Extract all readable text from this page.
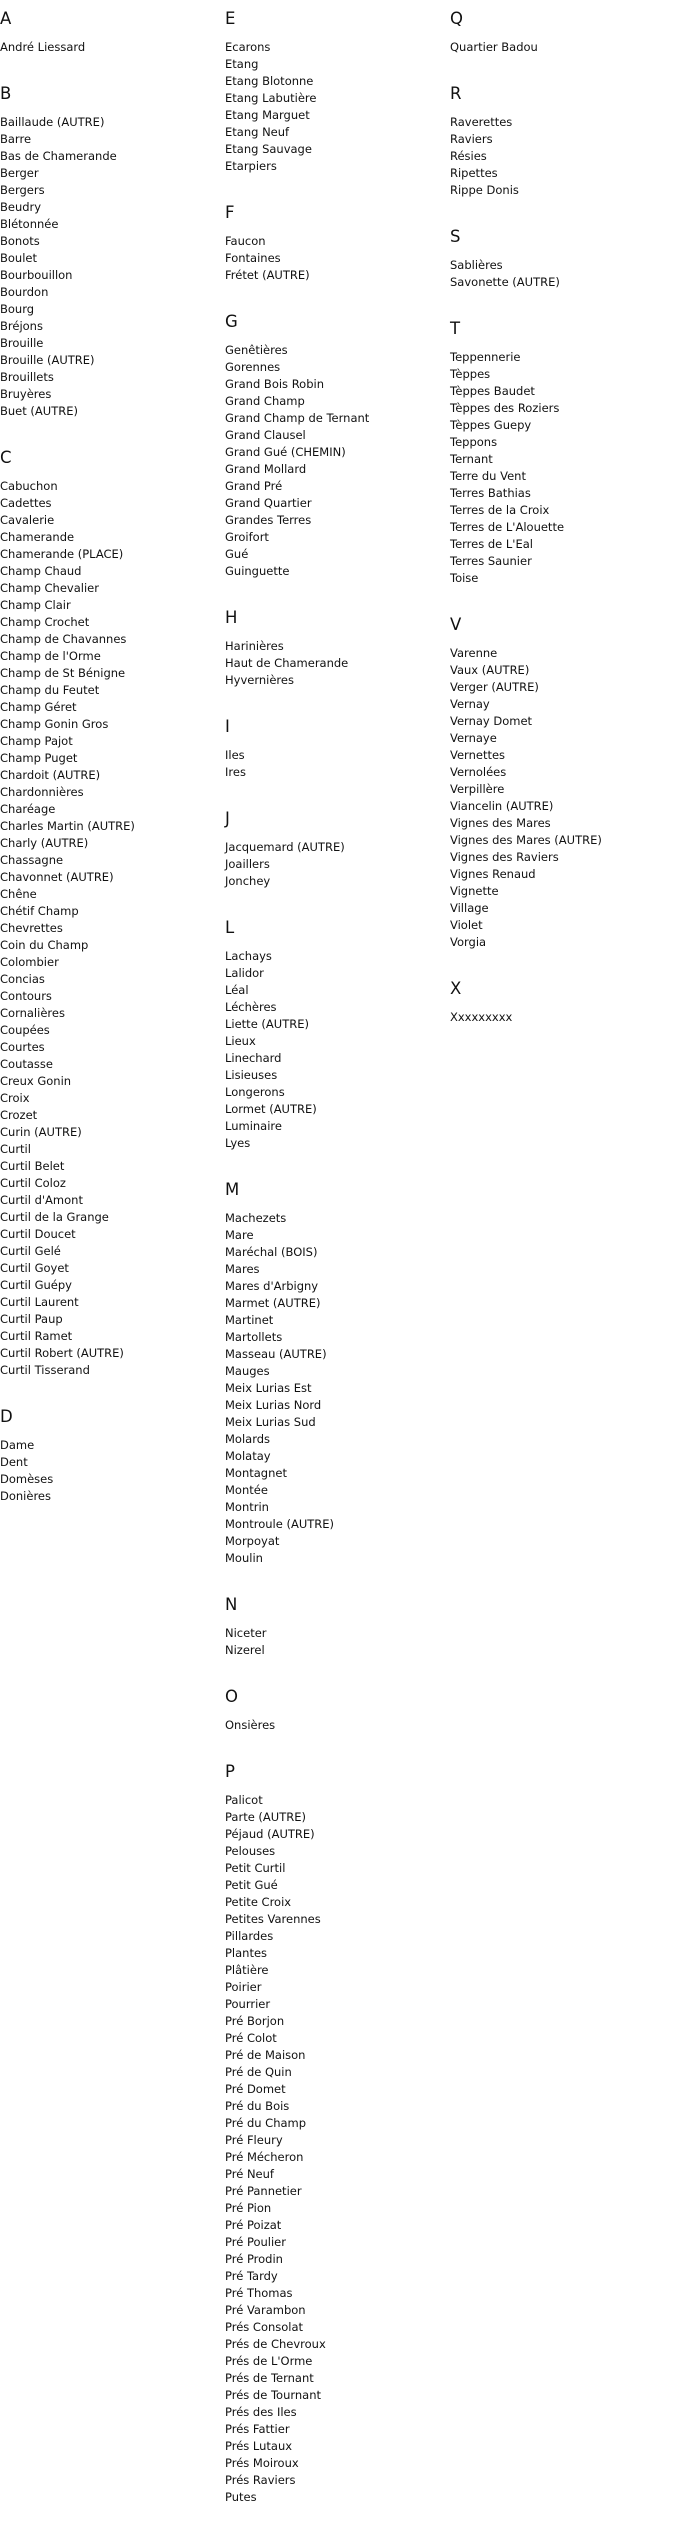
A
André Liessard
B
Baillaude (AUTRE)
Barre
Bas de Chamerande
Berger
Bergers
Beudry
Blétonnée
Bonots
Boulet
Bourbouillon
Bourdon
Bourg
Bréjons
Brouille
Brouille (AUTRE)
Brouillets
Bruyères
Buet (AUTRE)
C
Cabuchon
Cadettes
Cavalerie
Chamerande
Chamerande (PLACE)
Champ Chaud
Champ Chevalier
Champ Clair
Champ Crochet
Champ de Chavannes
Champ de l'Orme
Champ de St Bénigne
Champ du Feutet
Champ Géret
Champ Gonin Gros
Champ Pajot
Champ Puget
Chardoit (AUTRE)
Chardonnières
Charéage
Charles Martin (AUTRE)
Charly (AUTRE)
Chassagne
Chavonnet (AUTRE)
Chêne
Chétif Champ
Chevrettes
Coin du Champ
Colombier
Concias
Contours
Cornalières
Coupées
Courtes
Coutasse
Creux Gonin
Croix
Crozet
Curin (AUTRE)
Curtil
Curtil Belet
Curtil Coloz
Curtil d'Amont
Curtil de la Grange
Curtil Doucet
Curtil Gelé
Curtil Goyet
Curtil Guépy
Curtil Laurent
Curtil Paup
Curtil Ramet
Curtil Robert (AUTRE)
Curtil Tisserand
D
Dame
Dent
Domèses
Donières
E
Ecarons
Etang
Etang Blotonne
Etang Labutière
Etang Marguet
Etang Neuf
Etang Sauvage
Etarpiers
F
Faucon
Fontaines
Frétet (AUTRE)
G
Genêtières
Gorennes
Grand Bois Robin
Grand Champ
Grand Champ de Ternant
Grand Clausel
Grand Gué (CHEMIN)
Grand Mollard
Grand Pré
Grand Quartier
Grandes Terres
Groifort
Gué
Guinguette
H
Harinières
Haut de Chamerande
Hyvernières
I
Iles
Ires
J
Jacquemard (AUTRE)
Joaillers
Jonchey
L
Lachays
Lalidor
Léal
Léchères
Liette (AUTRE)
Lieux
Linechard
Lisieuses
Longerons
Lormet (AUTRE)
Luminaire
Lyes
M
Machezets
Mare
Maréchal (BOIS)
Mares
Mares d'Arbigny
Marmet (AUTRE)
Martinet
Martollets
Masseau (AUTRE)
Mauges
Meix Lurias Est
Meix Lurias Nord
Meix Lurias Sud
Molards
Molatay
Montagnet
Montée
Montrin
Montroule (AUTRE)
Morpoyat
Moulin
N
Niceter
Nizerel
O
Onsières
P
Palicot
Parte (AUTRE)
Péjaud (AUTRE)
Pelouses
Petit Curtil
Petit Gué
Petite Croix
Petites Varennes
Pillardes
Plantes
Plâtière
Poirier
Pourrier
Pré Borjon
Pré Colot
Pré de Maison
Pré de Quin
Pré Domet
Pré du Bois
Pré du Champ
Pré Fleury
Pré Mécheron
Pré Neuf
Pré Pannetier
Pré Pion
Pré Poizat
Pré Poulier
Pré Prodin
Pré Tardy
Pré Thomas
Pré Varambon
Prés Consolat
Prés de Chevroux
Prés de L'Orme
Prés de Ternant
Prés de Tournant
Prés des Iles
Prés Fattier
Prés Lutaux
Prés Moiroux
Prés Raviers
Putes
Q
Quartier Badou
R
Raverettes
Raviers
Résies
Ripettes
Rippe Donis
S
Sablières
Savonette (AUTRE)
T
Teppennerie
Tèppes
Tèppes Baudet
Tèppes des Roziers
Tèppes Guepy
Teppons
Ternant
Terre du Vent
Terres Bathias
Terres de la Croix
Terres de L'Alouette
Terres de L'Eal
Terres Saunier
Toise
V
Varenne
Vaux (AUTRE)
Verger (AUTRE)
Vernay
Vernay Domet
Vernaye
Vernettes
Vernolées
Verpillère
Viancelin (AUTRE)
Vignes des Mares
Vignes des Mares (AUTRE)
Vignes des Raviers
Vignes Renaud
Vignette
Village
Violet
Vorgia
X
Xxxxxxxxx
